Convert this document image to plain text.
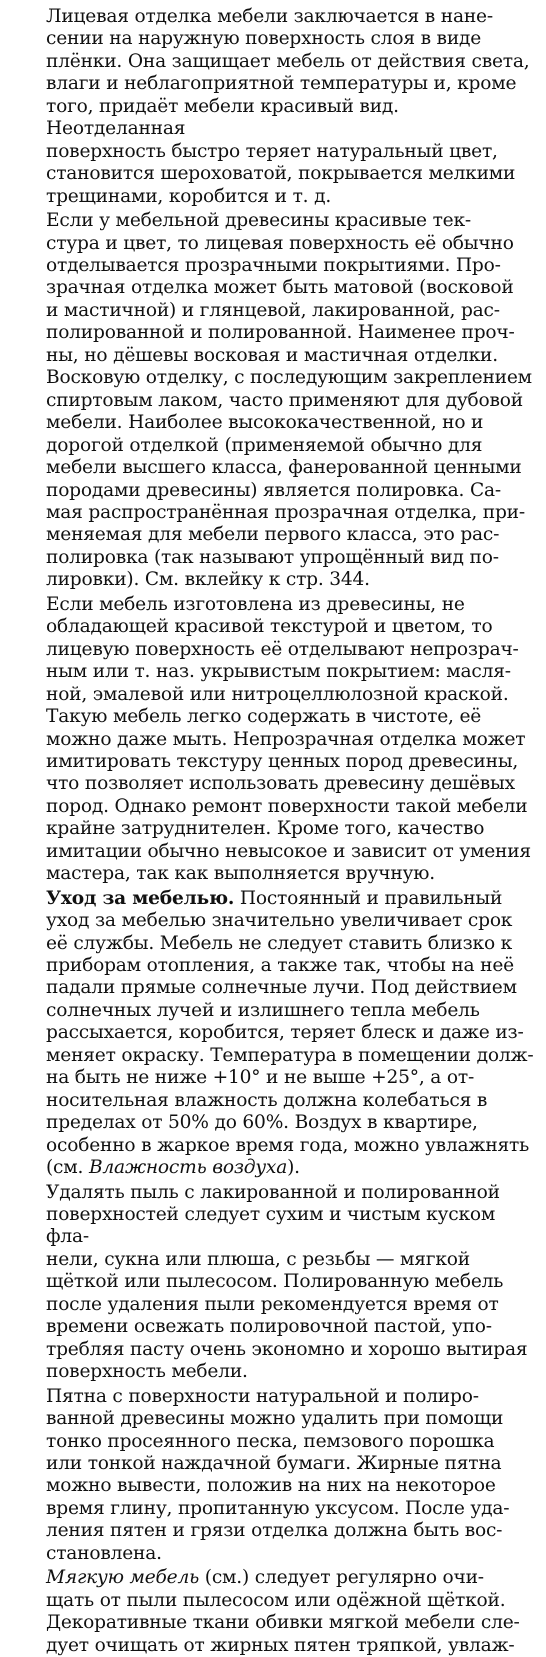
Лицевая отделка мебели заключается в нане-
сении на наружную поверхность слоя в виде
плёнки. Она защищает мебель от действия света,
влаги и неблагоприятной температуры и, кроме
того, придаёт мебели красивый вид. Неотделанная
поверхность быстро теряет натуральный цвет,
становится шероховатой, покрывается мелкими
трещинами, коробится и т. д.

Если у мебельной древесины красивые тек-
стура и цвет, то лицевая поверхность её обычно
отделывается прозрачными покрытиями. Про-
зрачная отделка может быть матовой (восковой
и мастичной) и глянцевой, лакированной, рас-
полированной и полированной. Наименее проч-
ны, но дёшевы восковая и мастичная отделки.
Восковую отделку, с последующим закреплением
спиртовым лаком, часто применяют для дубовой
мебели. Наиболее высококачественной, но и
дорогой отделкой (применяемой обычно для
мебели высшего класса, фанерованной ценными
породами древесины) является полировка. Са-
мая распространённая прозрачная отделка, при-
меняемая для мебели первого класса, это рас-
полировка (так называют упрощённый вид по-
лировки). См. вклейку к стр. 344.

Если мебель изготовлена из древесины, не
обладающей красивой текстурой и цветом, то
лицевую поверхность её отделывают непрозрач-
ным или т. наз. укрывистым покрытием: масля-
ной, эмалевой или нитроцеллюлозной краской.
Такую мебель легко содержать в чистоте, её
можно даже мыть. Непрозрачная отделка может
имитировать текстуру ценных пород древесины,
что позволяет использовать древесину дешёвых
пород. Однако ремонт поверхности такой мебели
крайне затруднителен. Кроме того, качество
имитации обычно невысокое и зависит от умения
мастера, так как выполняется вручную.

Уход за мебелью. Постоянный и правильный
уход за мебелью значительно увеличивает срок
её службы. Мебель не следует ставить близко к
приборам отопления, а также так, чтобы на неё
падали прямые солнечные лучи. Под действием
солнечных лучей и излишнего тепла мебель
рассыхается, коробится, теряет блеск и даже из-
меняет окраску. Температура в помещении долж-
на быть не ниже +10° и не выше +25°, а от-
носительная влажность должна колебаться в
пределах от 50% до 60%. Воздух в квартире,
особенно в жаркое время года, можно увлажнять
(см. Влажность воздуха).

Удалять пыль с лакированной и полированной
поверхностей следует сухим и чистым куском фла-
нели, сукна или плюша, с резьбы — мягкой
щёткой или пылесосом. Полированную мебель
после удаления пыли рекомендуется время от
времени освежать полировочной пастой, упо-
требляя пасту очень экономно и хорошо вытирая
поверхность мебели.

Пятна с поверхности натуральной и полиро-
ванной древесины можно удалить при помощи
тонко просеянного песка, пемзового порошка
или тонкой наждачной бумаги. Жирные пятна
можно вывести, положив на них на некоторое
время глину, пропитанную уксусом. После уда-
ления пятен и грязи отделка должна быть вос-
становлена.

Мягкую мебель (см.) следует регулярно очи-
щать от пыли пылесосом или одёжной щёткой.
Декоративные ткани обивки мягкой мебели сле-
дует очищать от жирных пятен тряпкой, увлаж-
